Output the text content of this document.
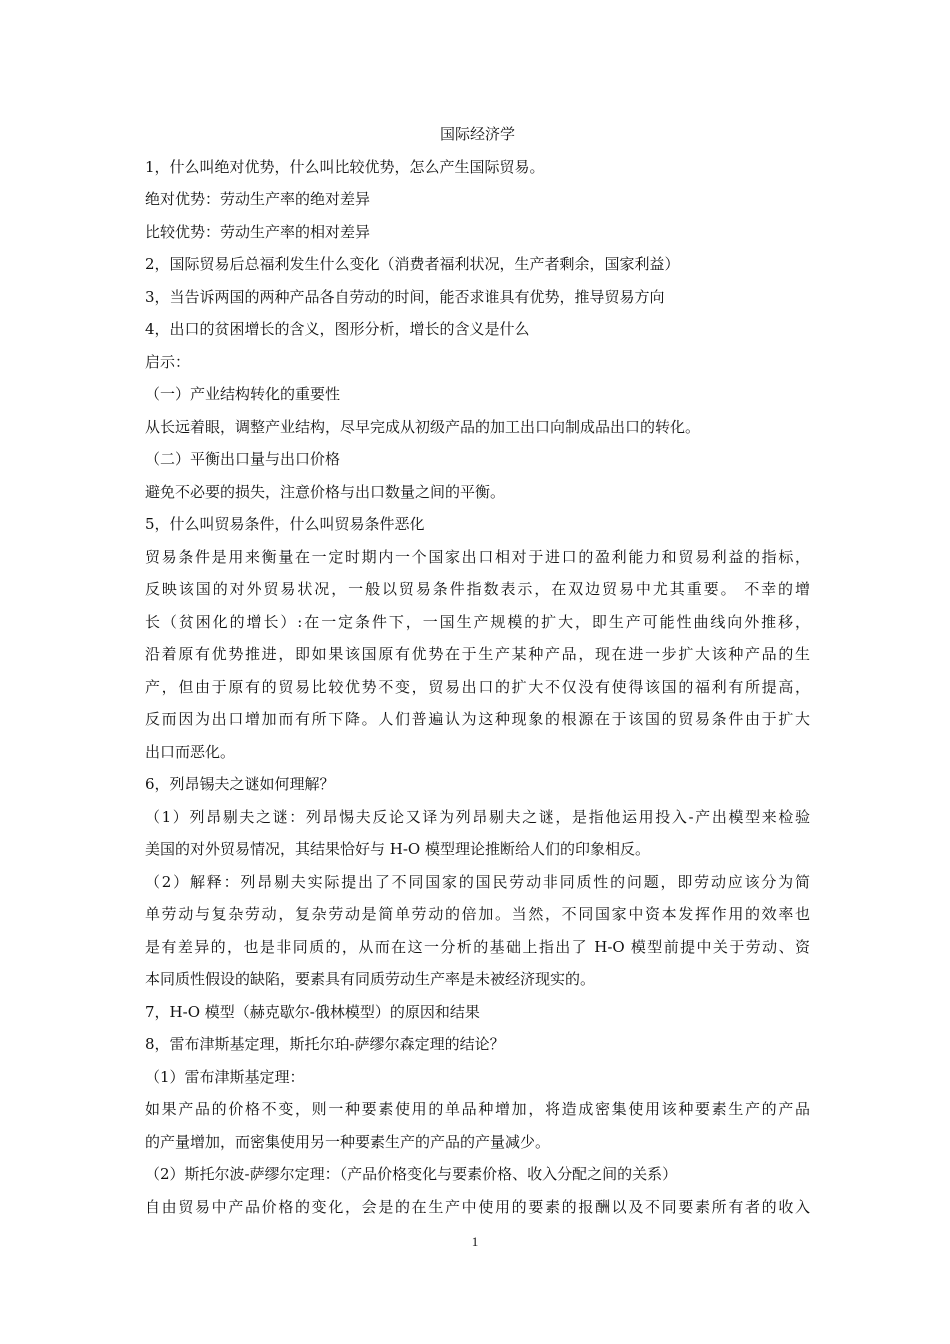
国际经济学
1，什么叫绝对优势，什么叫比较优势，怎么产生国际贸易。
绝对优势：劳动生产率的绝对差异
比较优势：劳动生产率的相对差异
2，国际贸易后总福利发生什么变化（消费者福利状况，生产者剩余，国家利益）
3，当告诉两国的两种产品各自劳动的时间，能否求谁具有优势，推导贸易方向
4，出口的贫困增长的含义，图形分析，增长的含义是什么
启示：
（一）产业结构转化的重要性
从长远着眼，调整产业结构，尽早完成从初级产品的加工出口向制成品出口的转化。
（二）平衡出口量与出口价格
避免不必要的损失，注意价格与出口数量之间的平衡。
5，什么叫贸易条件，什么叫贸易条件恶化
贸易条件是用来衡量在一定时期内一个国家出口相对于进口的盈利能力和贸易利益的指标，
反映该国的对外贸易状况，一般以贸易条件指数表示，在双边贸易中尤其重要。 不幸的增
长（贫困化的增长）:在一定条件下，一国生产规模的扩大，即生产可能性曲线向外推移，
沿着原有优势推进，即如果该国原有优势在于生产某种产品，现在进一步扩大该种产品的生
产，但由于原有的贸易比较优势不变，贸易出口的扩大不仅没有使得该国的福利有所提高，
反而因为出口增加而有所下降。人们普遍认为这种现象的根源在于该国的贸易条件由于扩大
出口而恶化。
6，列昂锡夫之谜如何理解？
（1）列昂剔夫之谜：列昂惕夫反论又译为列昂剔夫之谜，是指他运用投入-产出模型来检验
美国的对外贸易情况，其结果恰好与 H-O 模型理论推断给人们的印象相反。
（2）解释：列昂剔夫实际提出了不同国家的国民劳动非同质性的问题，即劳动应该分为简
单劳动与复杂劳动，复杂劳动是简单劳动的倍加。当然，不同国家中资本发挥作用的效率也
是有差异的，也是非同质的，从而在这一分析的基础上指出了 H-O 模型前提中关于劳动、资
本同质性假设的缺陷，要素具有同质劳动生产率是未被经济现实的。
7，H-O 模型（赫克歇尔-俄林模型）的原因和结果
8，雷布津斯基定理，斯托尔珀-萨缪尔森定理的结论？
（1）雷布津斯基定理：
如果产品的价格不变，则一种要素使用的单品种增加，将造成密集使用该种要素生产的产品
的产量增加，而密集使用另一种要素生产的产品的产量减少。
（2）斯托尔波-萨缪尔定理：（产品价格变化与要素价格、收入分配之间的关系）
自由贸易中产品价格的变化，会是的在生产中使用的要素的报酬以及不同要素所有者的收入
1
